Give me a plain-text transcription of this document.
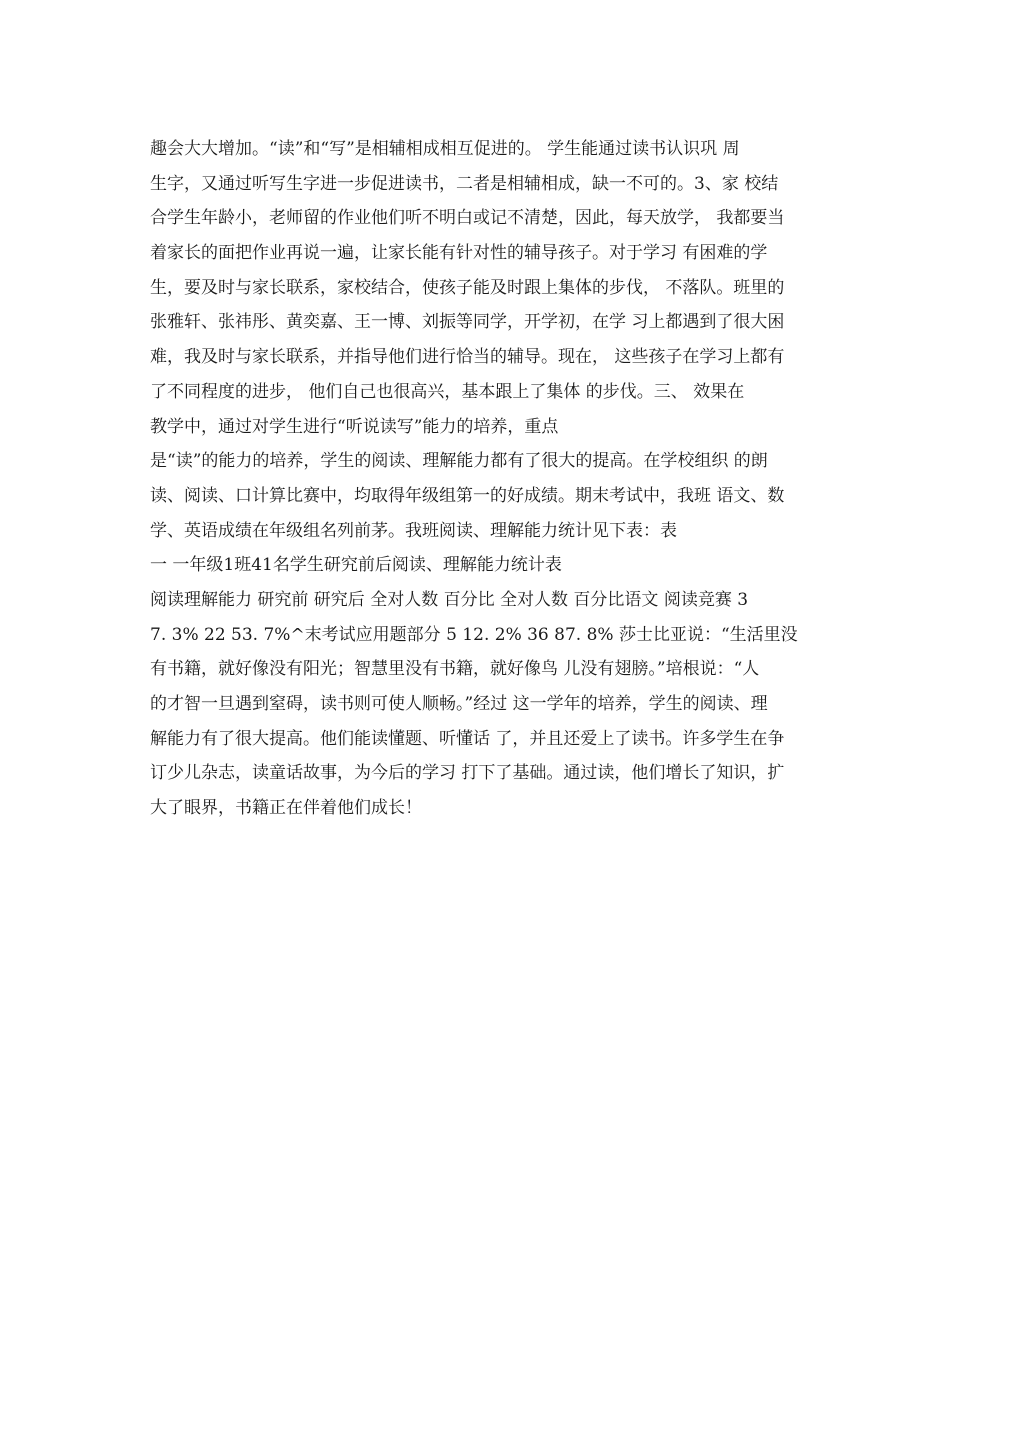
趣会大大增加。“读”和“写”是相辅相成相互促进的。 学生能通过读书认识巩 周
生字，又通过听写生字进一步促进读书，二者是相辅相成，缺一不可的。3、家 校结
合学生年龄小，老师留的作业他们听不明白或记不清楚，因此，每天放学， 我都要当
着家长的面把作业再说一遍，让家长能有针对性的辅导孩子。对于学习 有困难的学
生，要及时与家长联系，家校结合，使孩子能及时跟上集体的步伐， 不落队。班里的
张雅轩、张祎彤、黄奕嘉、王一博、刘振等同学，开学初，在学 习上都遇到了很大困
难，我及时与家长联系，并指导他们进行恰当的辅导。现在， 这些孩子在学习上都有
了不同程度的进步， 他们自己也很高兴，基本跟上了集体 的步伐。三、 效果在
教学中，通过对学生进行“听说读写”能力的培养，重点
是“读”的能力的培养，学生的阅读、理解能力都有了很大的提高。在学校组织 的朗
读、阅读、口计算比赛中，均取得年级组第一的好成绩。期末考试中，我班 语文、数
学、英语成绩在年级组名列前茅。我班阅读、理解能力统计见下表：表
一 一年级1班41名学生研究前后阅读、理解能力统计表
阅读理解能力 研究前 研究后 全对人数 百分比 全对人数 百分比语文 阅读竞赛 3
7. 3% 22 53. 7%^末考试应用题部分 5 12. 2% 36 87. 8% 莎士比亚说：“生活里没
有书籍，就好像没有阳光；智慧里没有书籍，就好像鸟 儿没有翅膀。”培根说：“人
的才智一旦遇到窒碍，读书则可使人顺畅。”经过 这一学年的培养，学生的阅读、理
解能力有了很大提高。他们能读懂题、听懂话 了，并且还爱上了读书。许多学生在争
订少儿杂志，读童话故事，为今后的学习 打下了基础。通过读，他们增长了知识，扩
大了眼界，书籍正在伴着他们成长！
